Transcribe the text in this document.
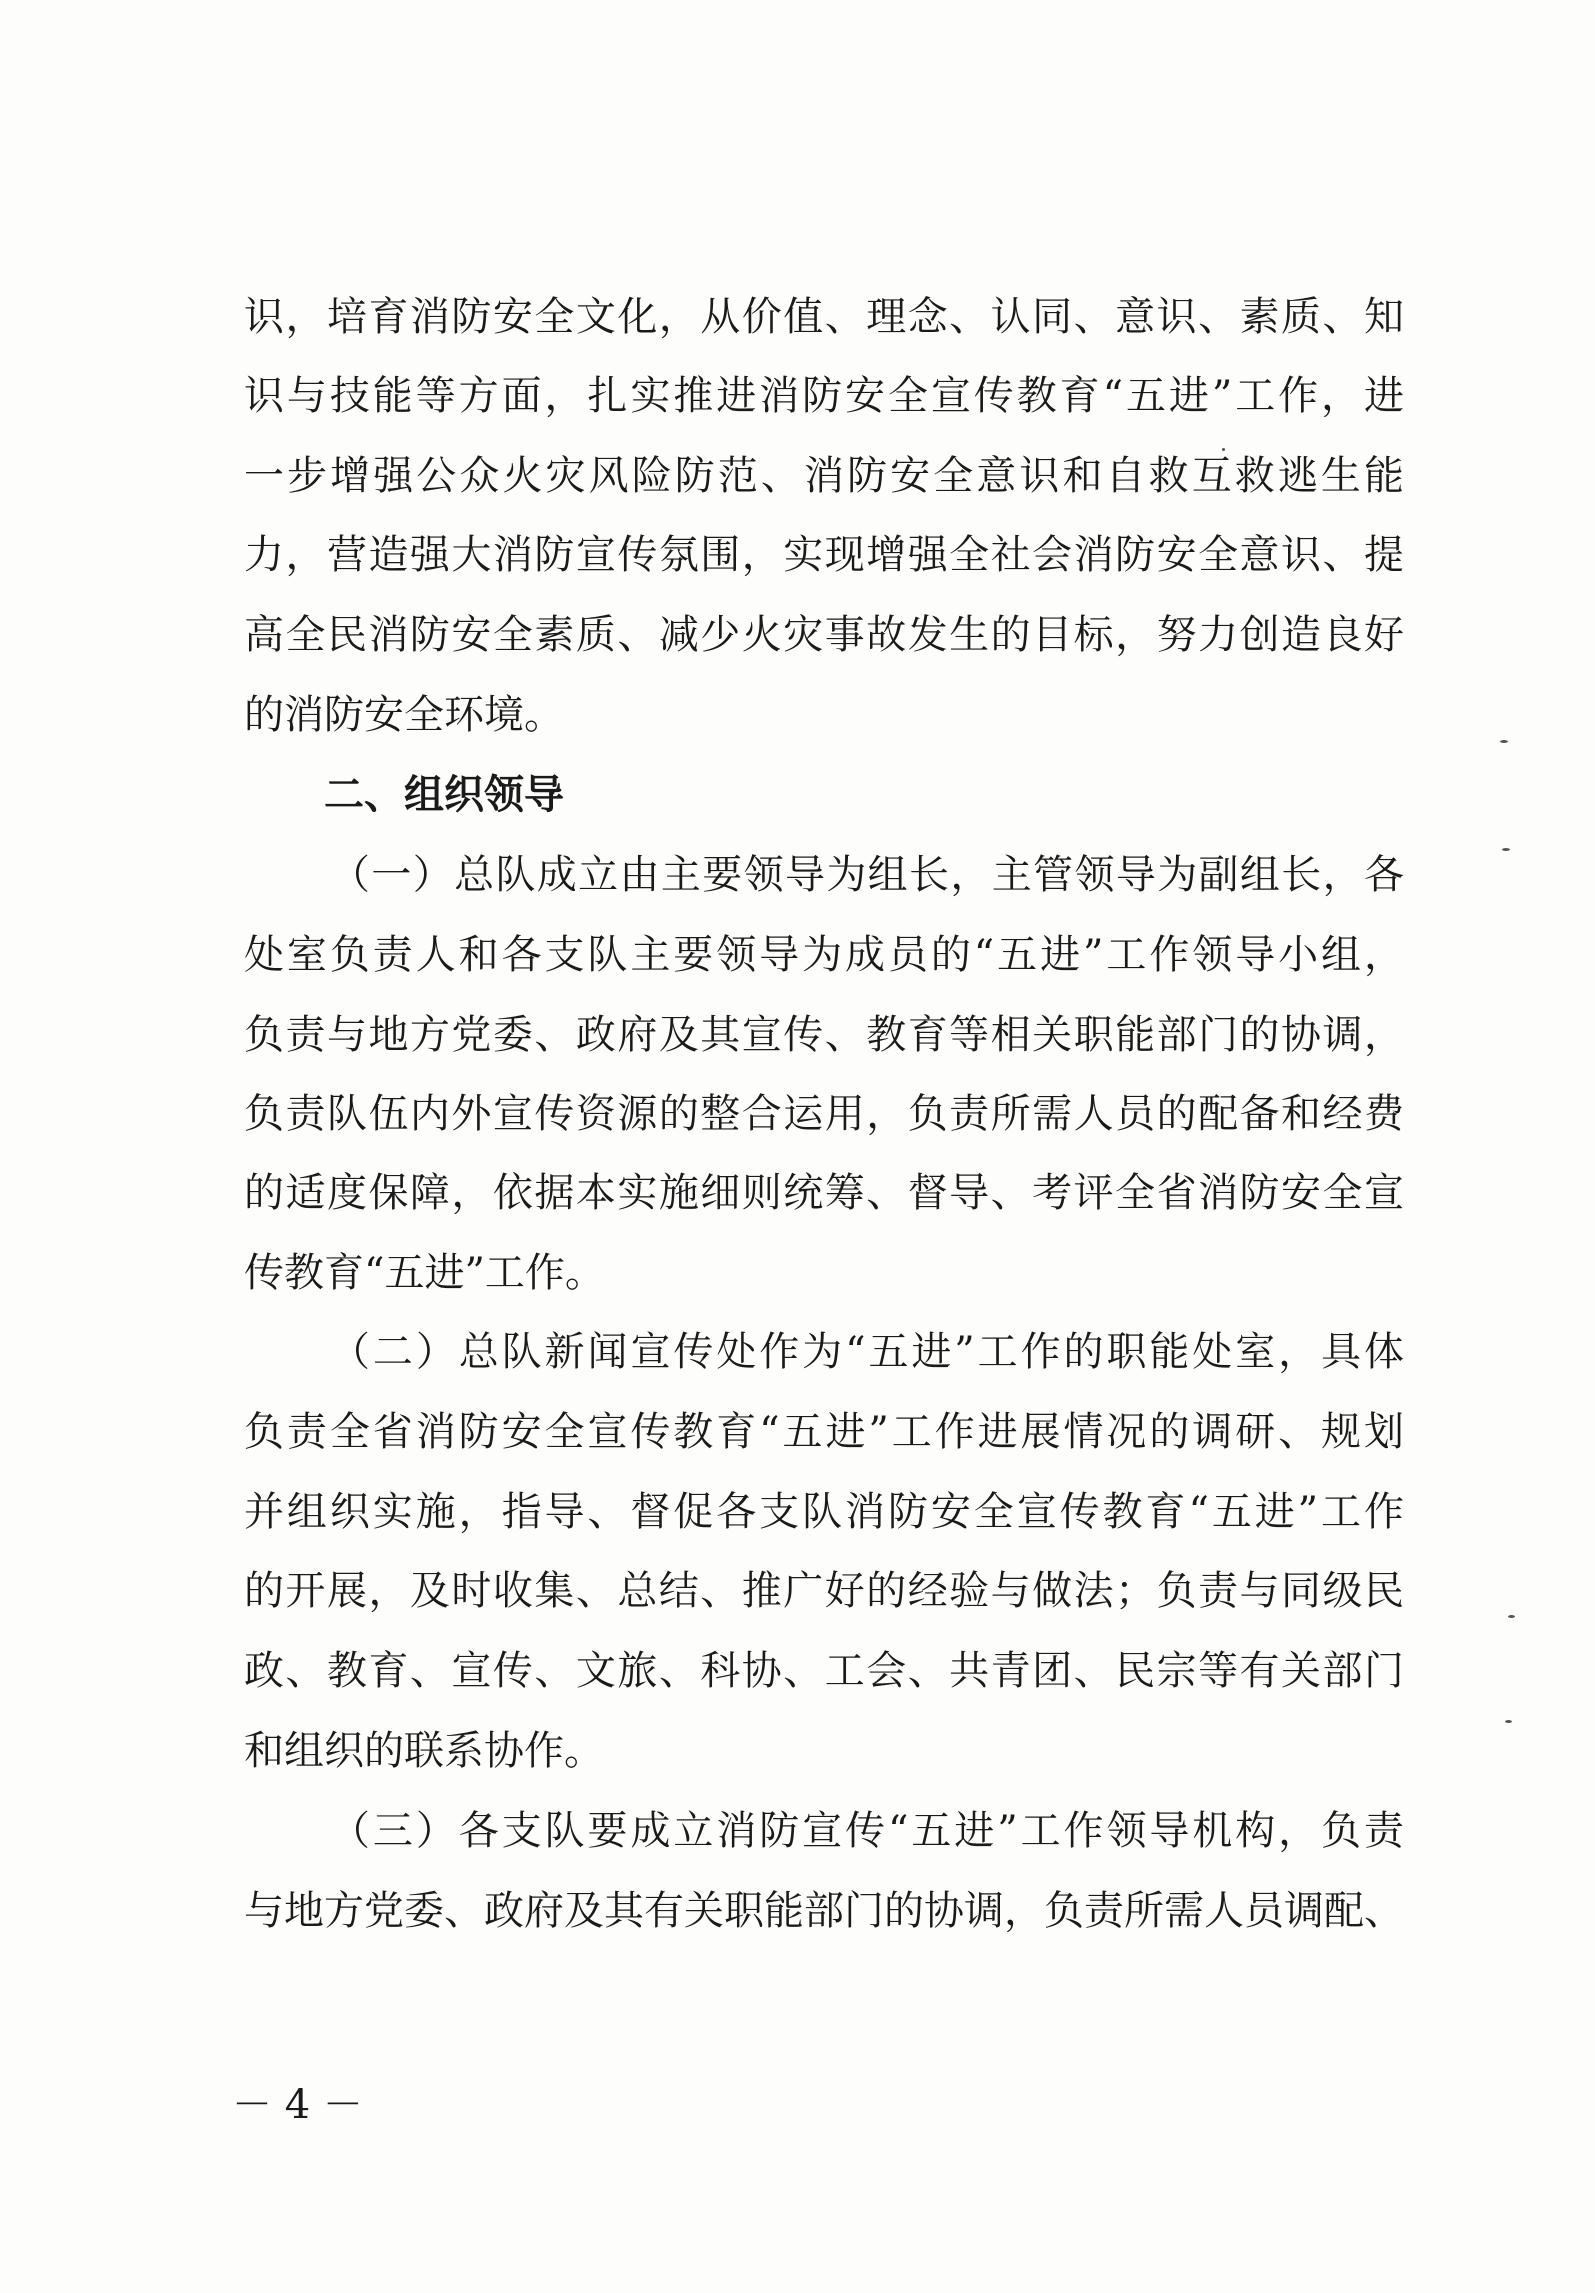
识，培育消防安全文化，从价值、理念、认同、意识、素质、知
识与技能等方面，扎实推进消防安全宣传教育“五进”工作，进
一步增强公众火灾风险防范、消防安全意识和自救互救逃生能
力，营造强大消防宣传氛围，实现增强全社会消防安全意识、提
高全民消防安全素质、减少火灾事故发生的目标，努力创造良好
的消防安全环境。
二、组织领导
（一）总队成立由主要领导为组长，主管领导为副组长，各
处室负责人和各支队主要领导为成员的“五进”工作领导小组，
负责与地方党委、政府及其宣传、教育等相关职能部门的协调，
负责队伍内外宣传资源的整合运用，负责所需人员的配备和经费
的适度保障，依据本实施细则统筹、督导、考评全省消防安全宣
传教育“五进”工作。
（二）总队新闻宣传处作为“五进”工作的职能处室，具体
负责全省消防安全宣传教育“五进”工作进展情况的调研、规划
并组织实施，指导、督促各支队消防安全宣传教育“五进”工作
的开展，及时收集、总结、推广好的经验与做法；负责与同级民
政、教育、宣传、文旅、科协、工会、共青团、民宗等有关部门
和组织的联系协作。
（三）各支队要成立消防宣传“五进”工作领导机构，负责
与地方党委、政府及其有关职能部门的协调，负责所需人员调配、
－ 4 －
